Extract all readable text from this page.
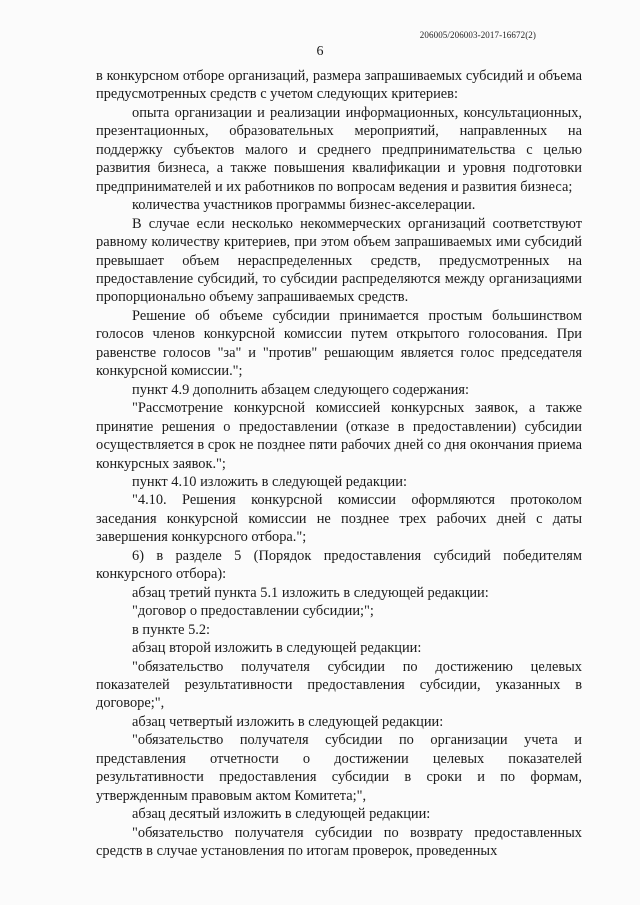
206005/206003-2017-16672(2)
6

в конкурсном отборе организаций, размера запрашиваемых субсидий и объема предусмотренных средств с учетом следующих критериев:

опыта организации и реализации информационных, консультационных, презентационных, образовательных мероприятий, направленных на поддержку субъектов малого и среднего предпринимательства с целью развития бизнеса, а также повышения квалификации и уровня подготовки предпринимателей и их работников по вопросам ведения и развития бизнеса;

количества участников программы бизнес-акселерации.

В случае если несколько некоммерческих организаций соответствуют равному количеству критериев, при этом объем запрашиваемых ими субсидий превышает объем нераспределенных средств, предусмотренных на предоставление субсидий, то субсидии распределяются между организациями пропорционально объему запрашиваемых средств.

Решение об объеме субсидии принимается простым большинством голосов членов конкурсной комиссии путем открытого голосования. При равенстве голосов "за" и "против" решающим является голос председателя конкурсной комиссии.";

пункт 4.9 дополнить абзацем следующего содержания:

"Рассмотрение конкурсной комиссией конкурсных заявок, а также принятие решения о предоставлении (отказе в предоставлении) субсидии осуществляется в срок не позднее пяти рабочих дней со дня окончания приема конкурсных заявок.";

пункт 4.10 изложить в следующей редакции:

"4.10. Решения конкурсной комиссии оформляются протоколом заседания конкурсной комиссии не позднее трех рабочих дней с даты завершения конкурсного отбора.";

6) в разделе 5 (Порядок предоставления субсидий победителям конкурсного отбора):

абзац третий пункта 5.1 изложить в следующей редакции:

"договор о предоставлении субсидии;";

в пункте 5.2:

абзац второй изложить в следующей редакции:

"обязательство получателя субсидии по достижению целевых показателей результативности предоставления субсидии, указанных в договоре;",

абзац четвертый изложить в следующей редакции:

"обязательство получателя субсидии по организации учета и представления отчетности о достижении целевых показателей результативности предоставления субсидии в сроки и по формам, утвержденным правовым актом Комитета;",

абзац десятый изложить в следующей редакции:

"обязательство получателя субсидии по возврату предоставленных средств в случае установления по итогам проверок, проведенных
